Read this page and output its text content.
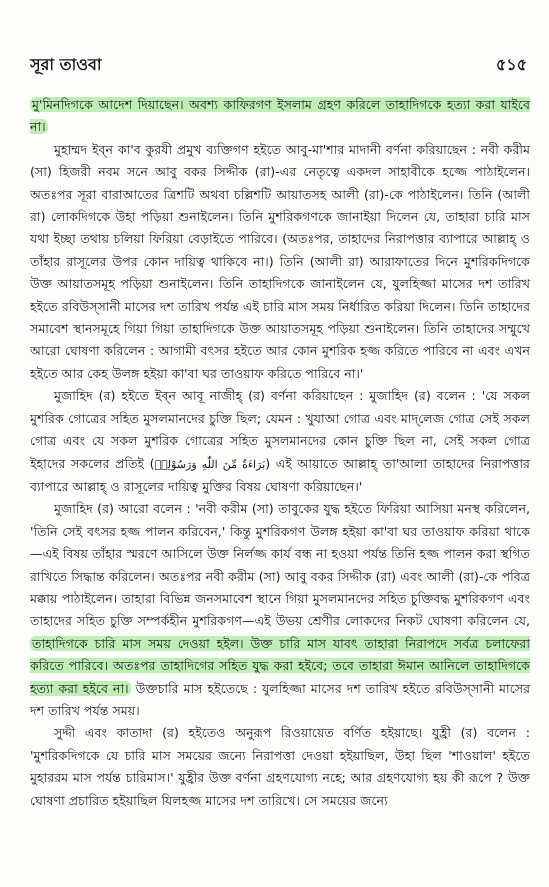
সূরা তাওবা	৫১৫

মু'মিনদিগকে আদেশ দিয়াছেন। অবশ্য কাফিরগণ ইসলাম গ্রহণ করিলে তাহাদিগকে হত্যা করা যাইবে না।

মুহাম্মদ ইব্ন কা'ব কুরযী প্রমুখ ব্যক্তিগণ হইতে আবু-মা'শার মাদানী বর্ণনা করিয়াছেন : নবী করীম (সা) হিজরী নবম সনে আবু বকর সিদ্দীক (রা)-এর নেতৃত্বে একদল সাহাবীকে হজ্জে পাঠাইলেন। অতঃপর সূরা বারাআতের ত্রিশটি অথবা চল্লিশটি আয়াতসহ আলী (রা)-কে পাঠাইলেন। তিনি (আলী রা) লোকদিগকে উহা পড়িয়া শুনাইলেন। তিনি মুশরিকগণকে জানাইয়া দিলেন যে, তাহারা চারি মাস যথা ইচ্ছা তথায় চলিয়া ফিরিয়া বেড়াইতে পারিবে। (অতঃপর, তাহাদের নিরাপত্তার ব্যাপারে আল্লাহ্ ও তাঁহার রাসূলের উপর কোন দায়িত্ব থাকিবে না।) তিনি (আলী রা) আরাফাতের দিনে মুশরিকদিগকে উক্ত আয়াতসমূহ পড়িয়া শুনাইলেন। তিনি তাহাদিগকে জানাইলেন যে, যুলহিজ্জা মাসের দশ তারিখ হইতে রবিউস্সানী মাসের দশ তারিখ পর্যন্ত এই চারি মাস সময় নির্ধারিত করিয়া দিলেন। তিনি তাহাদের সমাবেশ স্থানসমূহে গিয়া গিয়া তাহাদিগকে উক্ত আয়াতসমূহ পড়িয়া শুনাইলেন। তিনি তাহাদের সম্মুখে আরো ঘোষণা করিলেন : আগামী বৎসর হইতে আর কোন মুশরিক হজ্জ করিতে পারিবে না এবং এখন হইতে আর কেহ উলঙ্গ হইয়া কা'বা ঘর তাওয়াফ করিতে পারিবে না।'

মুজাহিদ (র) হইতে ইব্ন আবূ নাজীহ্ (র) বর্ণনা করিয়াছেন : মুজাহিদ (র) বলেন : 'যে সকল মুশরিক গোত্রের সহিত মুসলমানদের চুক্তি ছিল; যেমন : খুযাআ গোত্র এবং মাদ্‌লেজ গোত্র সেই সকল গোত্র এবং যে সকল মুশরিক গোত্রের সহিত মুসলমানদের কোন চুক্তি ছিল না, সেই সকল গোত্র ইহাদের সকলের প্রতিই (بَرَاءَةٌ مِّنَ اللّٰهِ وَرَسُوْلِهٖ) এই আয়াতে আল্লাহ্ তা'আলা তাহাদের নিরাপত্তার ব্যাপারে আল্লাহ্ ও রাসূলের দায়িত্ব মুক্তির বিষয় ঘোষণা করিয়াছেন।'

মুজাহিদ (র) আরো বলেন : 'নবী করীম (সা) তাবুকের যুদ্ধ হইতে ফিরিয়া আসিয়া মনস্থ করিলেন, 'তিনি সেই বৎসর হজ্জ পালন করিবেন,' কিন্তু মুশরিকগণ উলঙ্গ হইয়া কা'বা ঘর তাওয়াফ করিয়া থাকে—এই বিষয় তাঁহার স্মরণে আসিলে উক্ত নির্লজ্জ কার্য বন্ধ না হওয়া পর্যন্ত তিনি হজ্জ পালন করা স্থগিত রাখিতে সিদ্ধান্ত করিলেন। অতঃপর নবী করীম (সা) আবু বকর সিদ্দীক (রা) এবং আলী (রা)-কে পবিত্র মক্কায় পাঠাইলেন। তাহারা বিভিন্ন জনসমাবেশ স্থানে গিয়া মুসলমানদের সহিত চুক্তিবদ্ধ মুশরিকগণ এবং তাহাদের সহিত চুক্তি সম্পর্কহীন মুশরিকগণ—এই উভয় শ্রেণীর লোকদের নিকট ঘোষণা করিলেন যে, তাহাদিগকে চারি মাস সময় দেওয়া হইল। উক্ত চারি মাস যাবৎ তাহারা নিরাপদে সর্বত্র চলাফেরা করিতে পারিবে। অতঃপর তাহাদিগের সহিত যুদ্ধ করা হইবে; তবে তাহারা ঈমান আনিলে তাহাদিগকে হত্যা করা হইবে না। উক্তচারি মাস হইতেছে : যুলহিজ্জা মাসের দশ তারিখ হইতে রবিউস্সানী মাসের দশ তারিখ পর্যন্ত সময়।

সুদ্দী এবং কাতাদা (র) হইতেও অনুরূপ রিওয়ায়েত বর্ণিত হইয়াছে। যুহ্রী (র) বলেন : 'মুশরিকদিগকে যে চারি মাস সময়ের জন্যে নিরাপত্তা দেওয়া হইয়াছিল, উহা ছিল 'শাওয়াল' হইতে মুহাররম মাস পর্যন্ত চারিমাস।' যুহ্রীর উক্ত বর্ণনা গ্রহণযোগ্য নহে; আর গ্রহণযোগ্য হয় কী রূপে ? উক্ত ঘোষণা প্রচারিত হইয়াছিল যিলহজ্জ মাসের দশ তারিখে। সে সময়ের জন্যে
